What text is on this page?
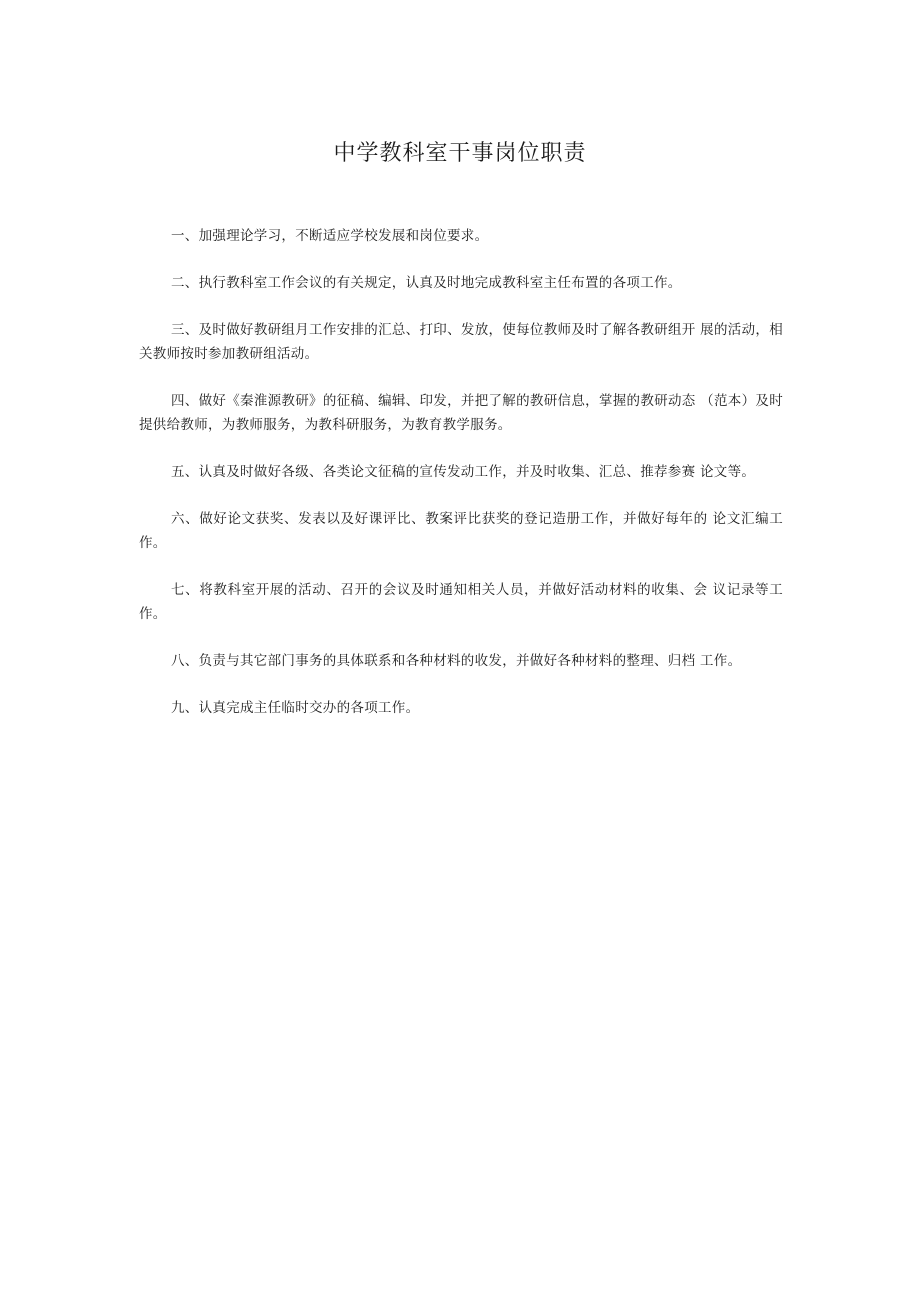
中学教科室干事岗位职责

一、加强理论学习，不断适应学校发展和岗位要求。

二、执行教科室工作会议的有关规定，认真及时地完成教科室主任布置的各项工作。

三、及时做好教研组月工作安排的汇总、打印、发放，使每位教师及时了解各教研组开 展的活动，相关教师按时参加教研组活动。

四、做好《秦淮源教研》的征稿、编辑、印发，并把了解的教研信息，掌握的教研动态 （范本）及时提供给教师，为教师服务，为教科研服务，为教育教学服务。

五、认真及时做好各级、各类论文征稿的宣传发动工作，并及时收集、汇总、推荐参赛 论文等。

六、做好论文获奖、发表以及好课评比、教案评比获奖的登记造册工作，并做好每年的 论文汇编工作。

七、将教科室开展的活动、召开的会议及时通知相关人员，并做好活动材料的收集、会 议记录等工作。

八、负责与其它部门事务的具体联系和各种材料的收发，并做好各种材料的整理、归档 工作。

九、认真完成主任临时交办的各项工作。
